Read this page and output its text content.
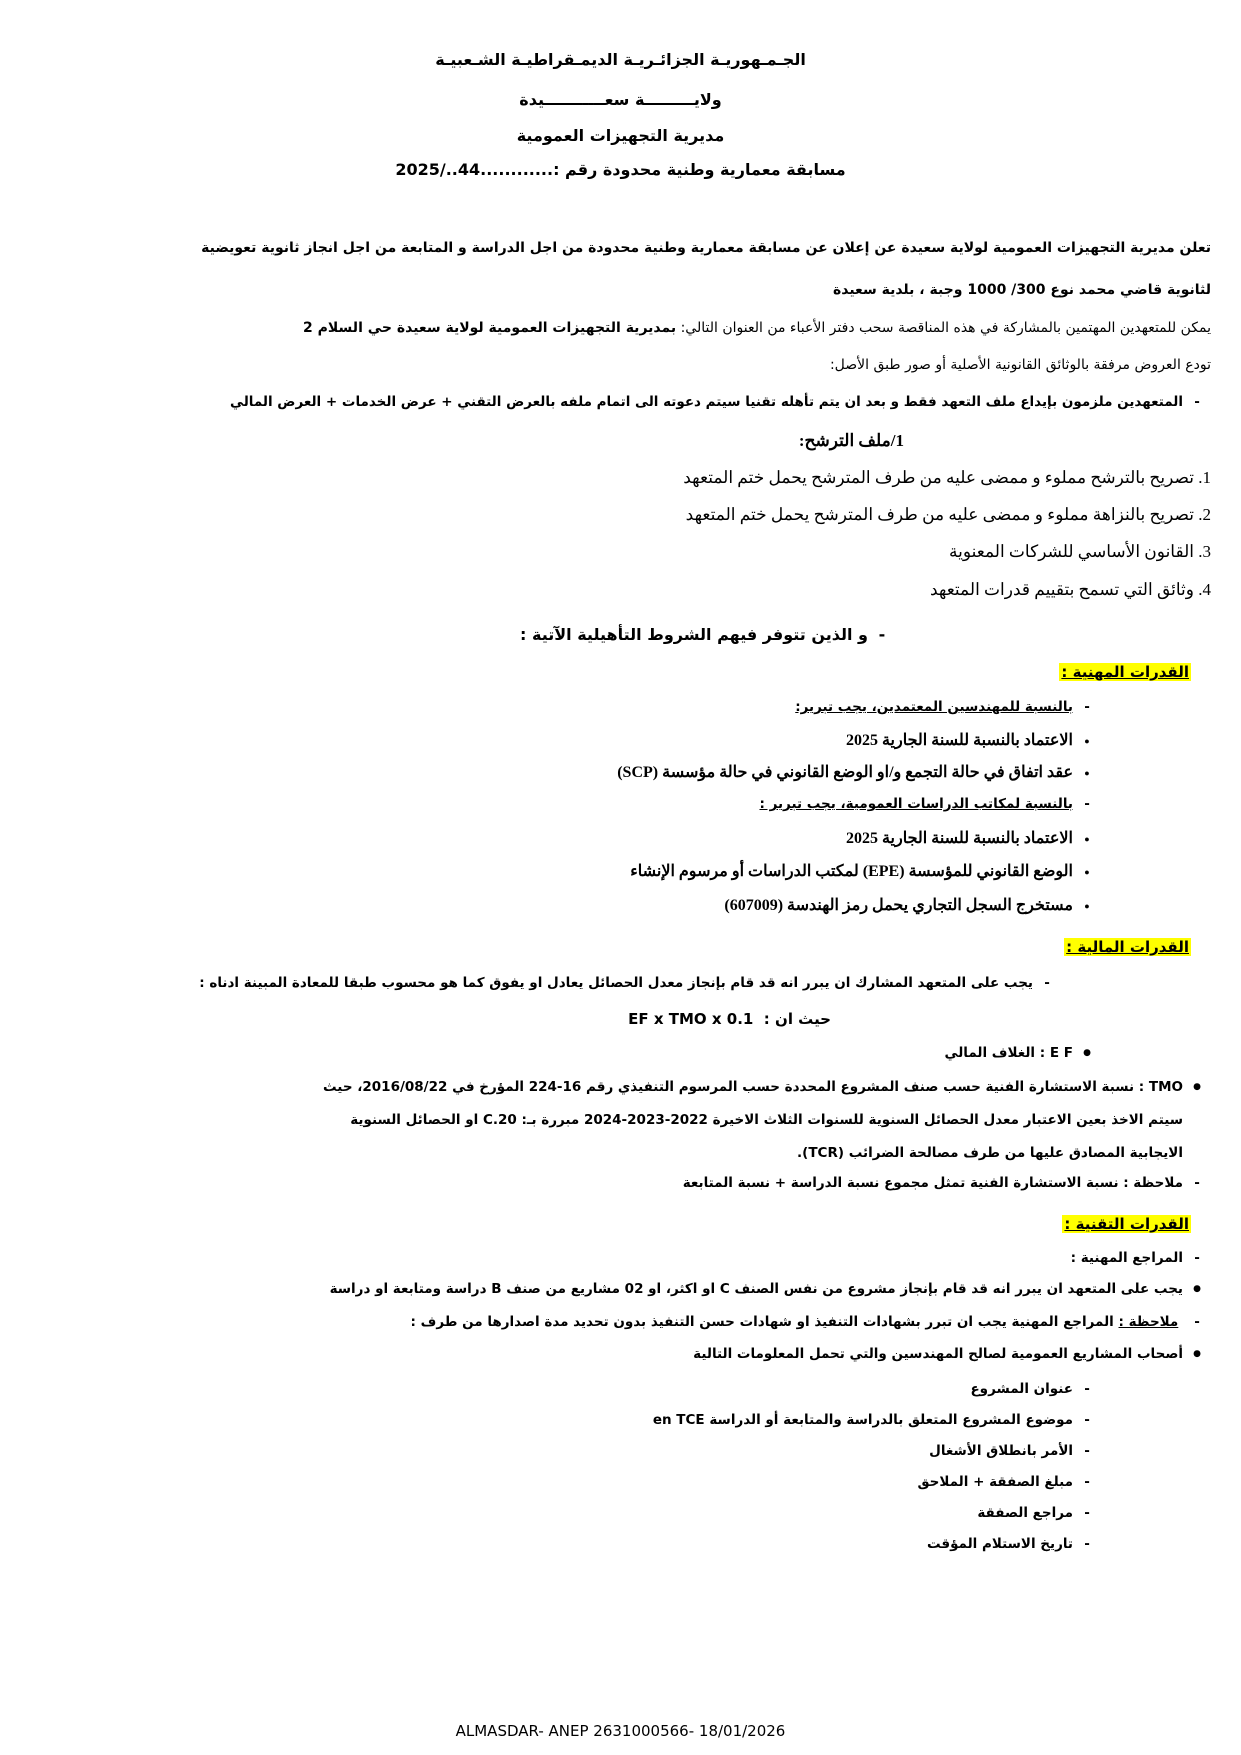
الجـمـهوريـة الجزائـريـة الديمـقراطيـة الشـعبيـة
ولايـــــــــة سعـــــــــــيدة
مديرية التجهيزات العمومية
مسابقة معمارية وطنية محدودة رقم :............44../2025
تعلن مديرية التجهيزات العمومية لولاية سعيدة عن إعلان عن مسابقة معمارية وطنية محدودة من اجل الدراسة و المتابعة من اجل انجاز ثانوية تعويضية
لثانوية قاضي محمد نوع 300/ 1000 وجبة ، بلدية سعيدة
يمكن للمتعهدين المهتمين بالمشاركة في هذه المناقصة سحب دفتر الأعباء من العنوان التالي: بمديرية التجهيزات العمومية لولاية سعيدة حي السلام 2
تودع العروض مرفقة بالوثائق القانونية الأصلية أو صور طبق الأصل:
- المتعهدين ملزمون بإيداع ملف التعهد فقط و بعد ان يتم تأهله تقنيا سيتم دعوته الى اتمام ملفه بالعرض التقني + عرض الخدمات + العرض المالي
1/ملف الترشح:
1. تصريح بالترشح مملوء و ممضى عليه من طرف المترشح يحمل ختم المتعهد
2. تصريح بالنزاهة مملوء و ممضى عليه من طرف المترشح يحمل ختم المتعهد
3. القانون الأساسي للشركات المعنوية
4. وثائق التي تسمح بتقييم قدرات المتعهد
- و الذين تتوفر فيهم الشروط التأهيلية الآتية :
القدرات المهنية :
- بالنسبة للمهندسين المعتمدين، يجب تبرير:
● الاعتماد بالنسبة للسنة الجارية 2025
● عقد اتفاق في حالة التجمع و/او الوضع القانوني في حالة مؤسسة (SCP)
- بالنسبة لمكاتب الدراسات العمومية، يجب تبرير :
● الاعتماد بالنسبة للسنة الجارية 2025
● الوضع القانوني للمؤسسة (EPE) لمكتب الدراسات أو مرسوم الإنشاء
● مستخرج السجل التجاري يحمل رمز الهندسة (607009)
القدرات المالية :
- يجب على المتعهد المشارك ان يبرر انه قد قام بإنجاز معدل الحصائل يعادل او يفوق كما هو محسوب طبقا للمعادة المبينة ادناه :
حيث ان :  EF x TMO x 0.1
● E F : الغلاف المالي
● TMO : نسبة الاستشارة الفنية حسب صنف المشروع المحددة حسب المرسوم التنفيذي رقم 16-224 المؤرخ في 2016/08/22، حيث
سيتم الاخذ بعين الاعتبار معدل الحصائل السنوية للسنوات الثلاث الاخيرة 2022-2023-2024 مبررة بـ: C.20 او الحصائل السنوية
الايجابية المصادق عليها من طرف مصالحة الضرائب (TCR).
- ملاحظة : نسبة الاستشارة الفنية تمثل مجموع نسبة الدراسة + نسبة المتابعة
القدرات التقنية :
- المراجع المهنية :
● يجب على المتعهد ان يبرر انه قد قام بإنجاز مشروع من نفس الصنف C او اكثر، او 02 مشاريع من صنف B دراسة ومتابعة او دراسة
- ملاحظة : المراجع المهنية يجب ان تبرر بشهادات التنفيذ او شهادات حسن التنفيذ بدون تحديد مدة اصدارها من طرف :
● أصحاب المشاريع العمومية لصالح المهندسين والتي تحمل المعلومات التالية
- عنوان المشروع
- موضوع المشروع المتعلق بالدراسة والمتابعة أو الدراسة en TCE
- الأمر بانطلاق الأشغال
- مبلغ الصفقة + الملاحق
- مراجع الصفقة
- تاريخ الاستلام المؤقت
ALMASDAR- ANEP 2631000566- 18/01/2026
